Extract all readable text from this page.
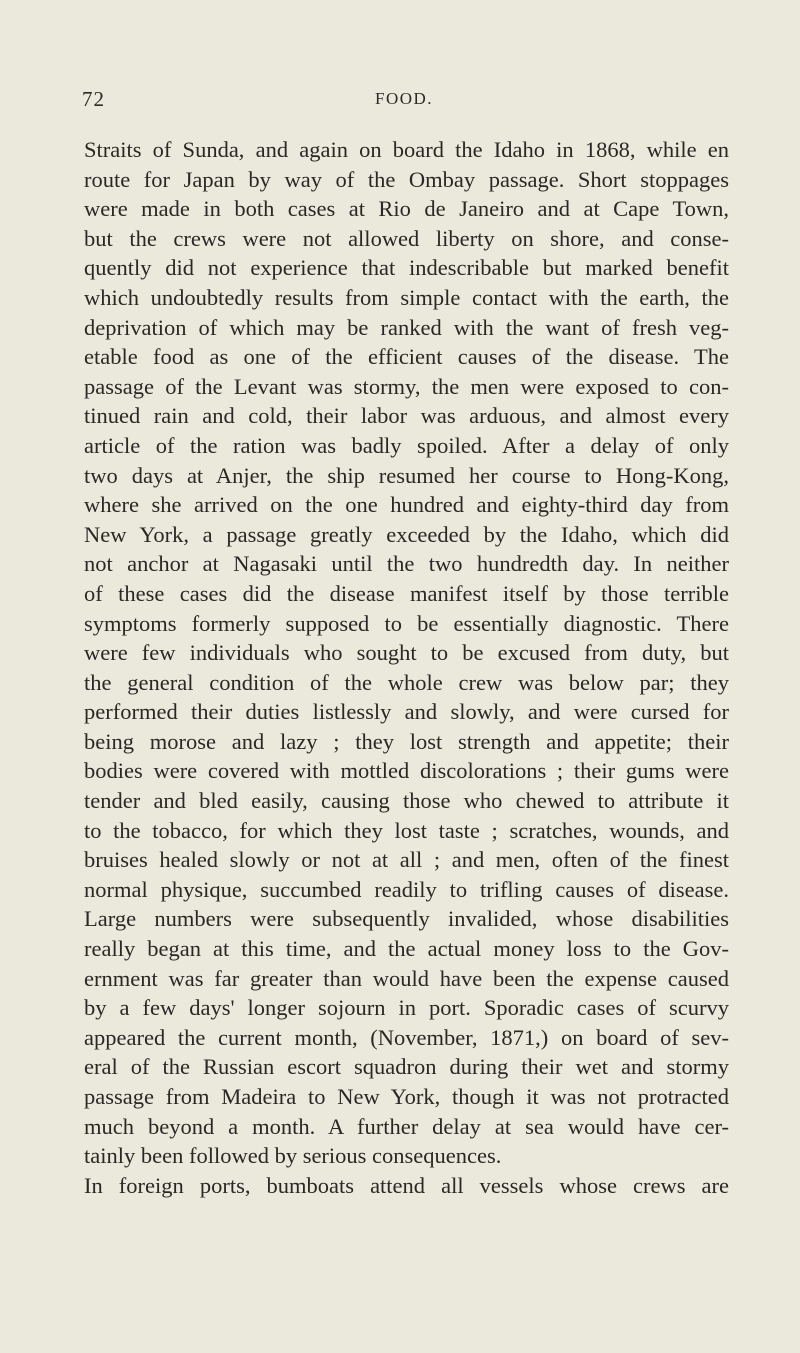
72	FOOD.
Straits of Sunda, and again on board the Idaho in 1868, while en
route for Japan by way of the Ombay passage. Short stoppages
were made in both cases at Rio de Janeiro and at Cape Town,
but the crews were not allowed liberty on shore, and conse-
quently did not experience that indescribable but marked benefit
which undoubtedly results from simple contact with the earth, the
deprivation of which may be ranked with the want of fresh veg-
etable food as one of the efficient causes of the disease. The
passage of the Levant was stormy, the men were exposed to con-
tinued rain and cold, their labor was arduous, and almost every
article of the ration was badly spoiled. After a delay of only
two days at Anjer, the ship resumed her course to Hong-Kong,
where she arrived on the one hundred and eighty-third day from
New York, a passage greatly exceeded by the Idaho, which did
not anchor at Nagasaki until the two hundredth day. In neither
of these cases did the disease manifest itself by those terrible
symptoms formerly supposed to be essentially diagnostic. There
were few individuals who sought to be excused from duty, but
the general condition of the whole crew was below par; they
performed their duties listlessly and slowly, and were cursed for
being morose and lazy ; they lost strength and appetite; their
bodies were covered with mottled discolorations ; their gums were
tender and bled easily, causing those who chewed to attribute it
to the tobacco, for which they lost taste ; scratches, wounds, and
bruises healed slowly or not at all ; and men, often of the finest
normal physique, succumbed readily to trifling causes of disease.
Large numbers were subsequently invalided, whose disabilities
really began at this time, and the actual money loss to the Gov-
ernment was far greater than would have been the expense caused
by a few days' longer sojourn in port. Sporadic cases of scurvy
appeared the current month, (November, 1871,) on board of sev-
eral of the Russian escort squadron during their wet and stormy
passage from Madeira to New York, though it was not protracted
much beyond a month. A further delay at sea would have cer-
tainly been followed by serious consequences.
In foreign ports, bumboats attend all vessels whose crews are
